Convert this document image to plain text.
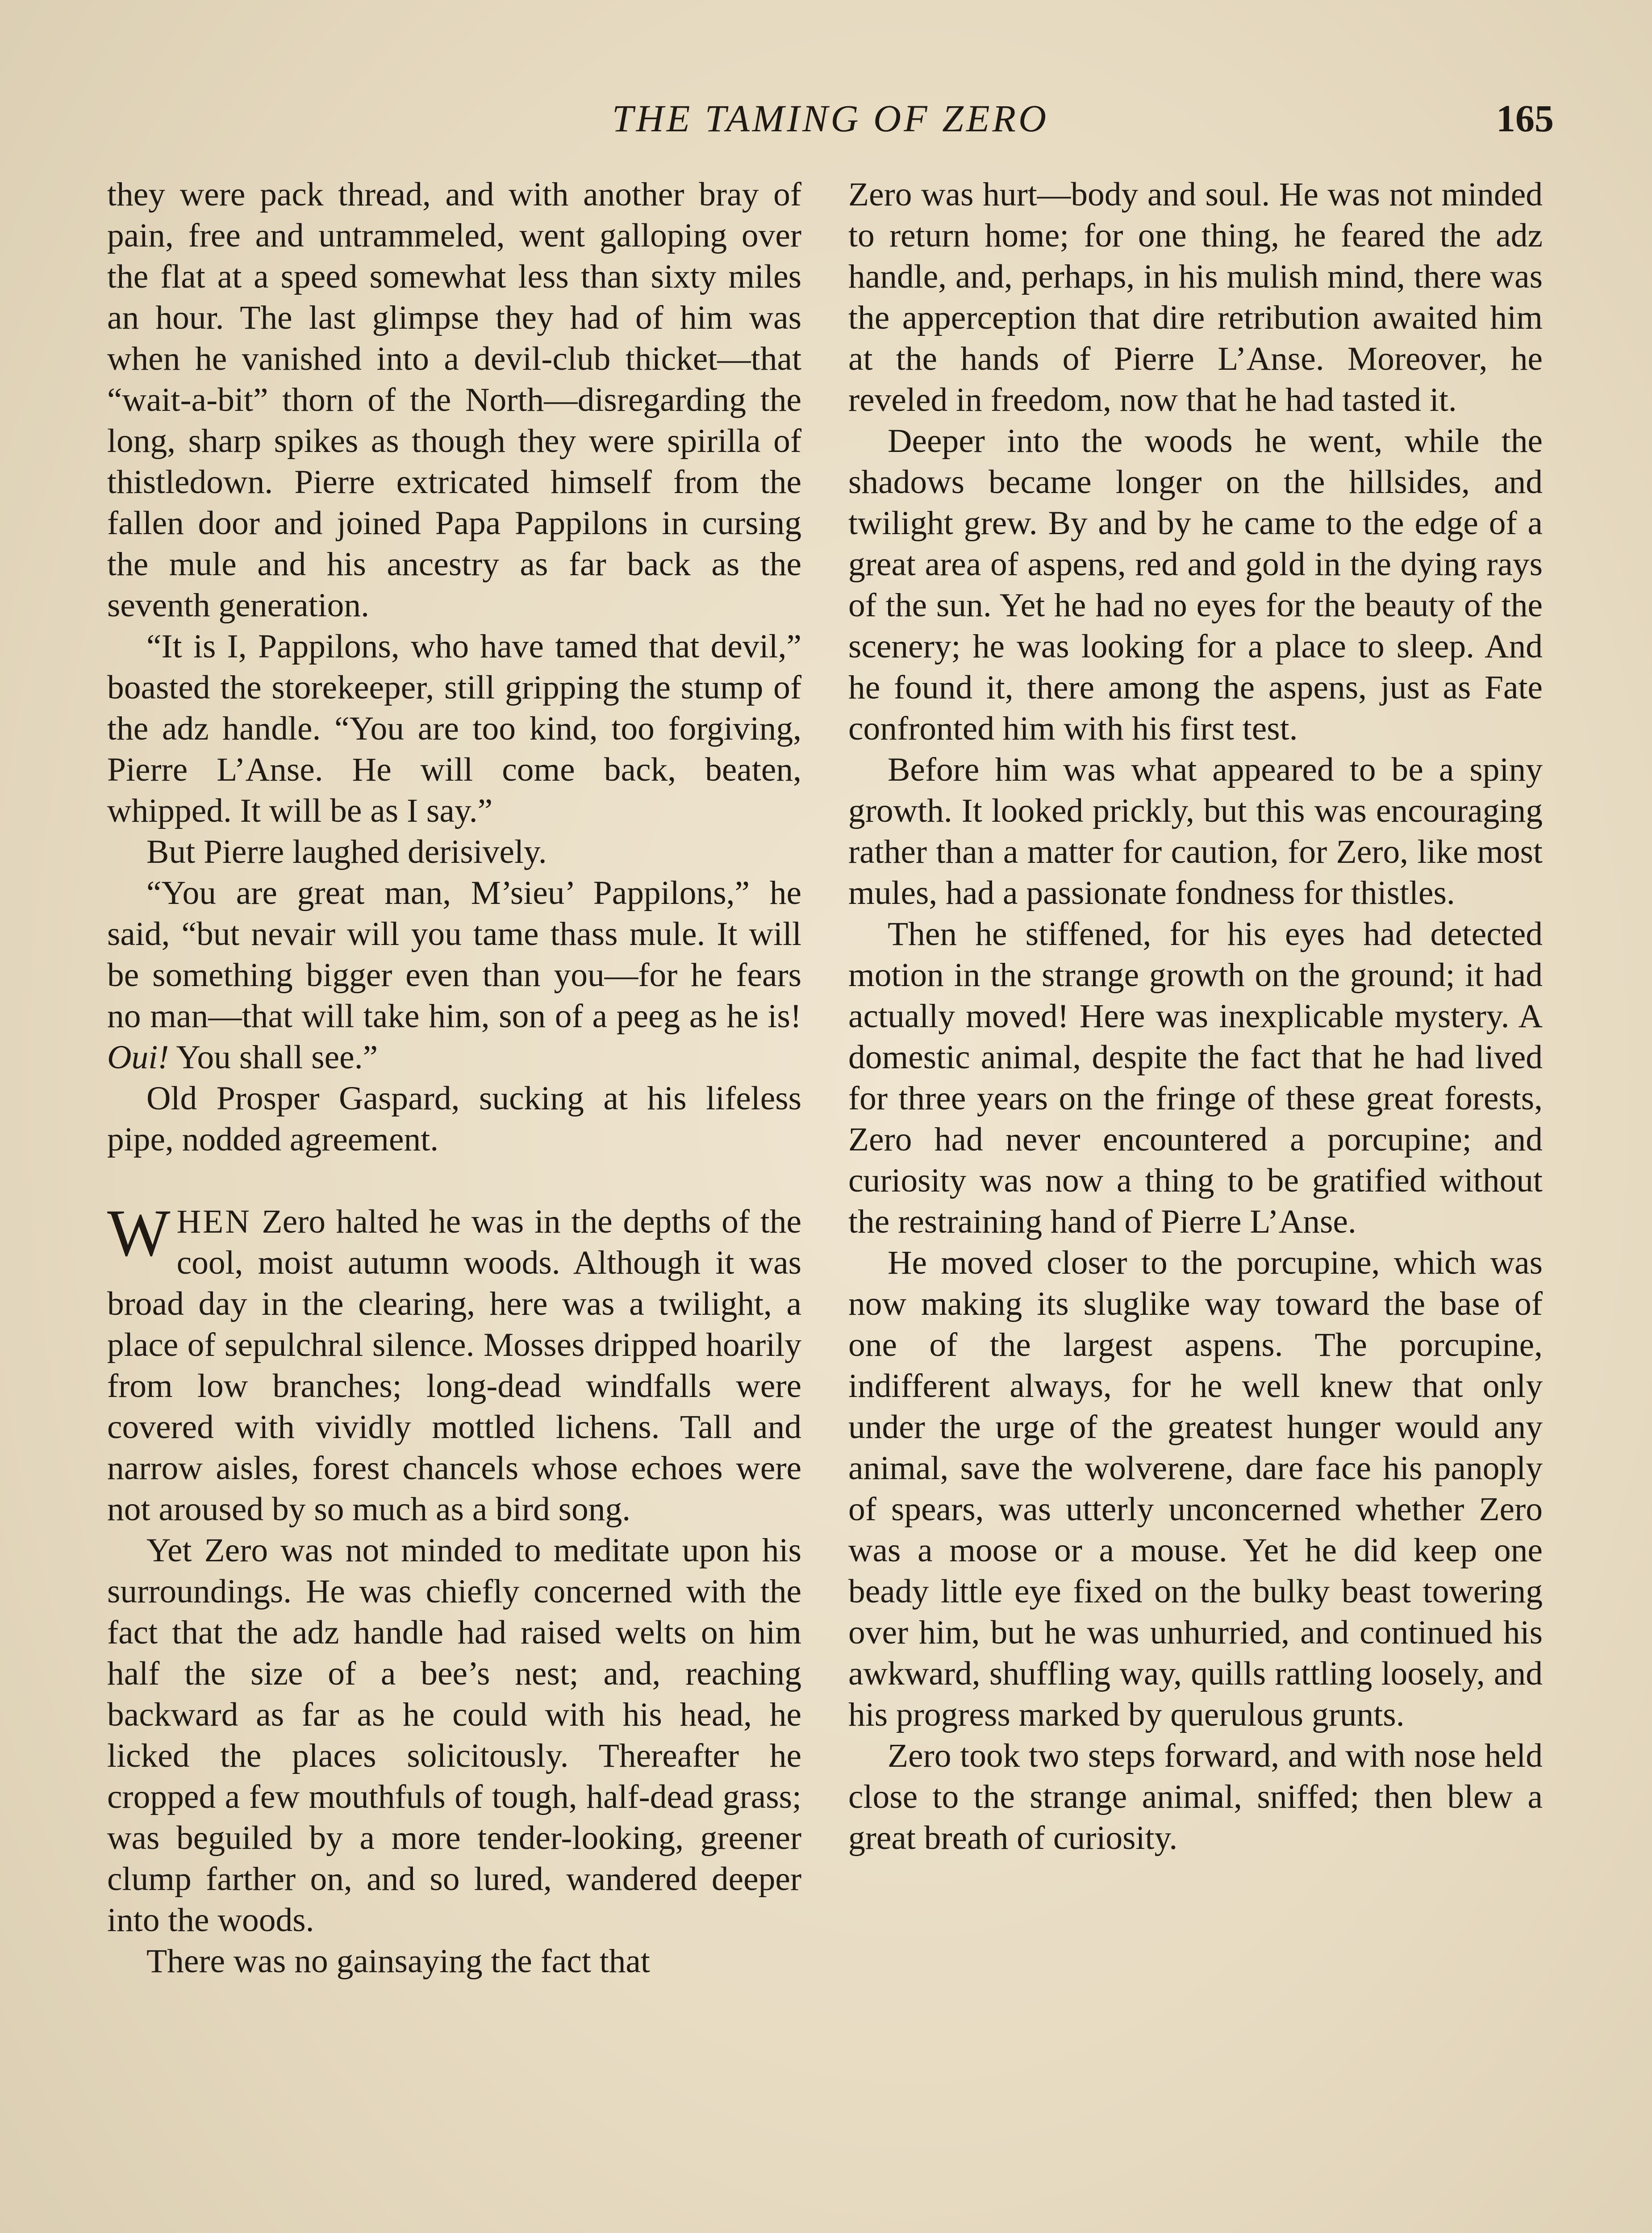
THE TAMING OF ZERO	165

they were pack thread, and with another bray of pain, free and untrammeled, went galloping over the flat at a speed somewhat less than sixty miles an hour. The last glimpse they had of him was when he vanished into a devil-club thicket—that “wait-a-bit” thorn of the North—disregarding the long, sharp spikes as though they were spirilla of thistledown. Pierre extricated himself from the fallen door and joined Papa Pappilons in cursing the mule and his ancestry as far back as the seventh generation.

“It is I, Pappilons, who have tamed that devil,” boasted the storekeeper, still gripping the stump of the adz handle. “You are too kind, too forgiving, Pierre L’Anse. He will come back, beaten, whipped. It will be as I say.”

But Pierre laughed derisively.

“You are great man, M’sieu’ Pappilons,” he said, “but nevair will you tame thass mule. It will be something bigger even than you—for he fears no man—that will take him, son of a peeg as he is! Oui! You shall see.”

Old Prosper Gaspard, sucking at his lifeless pipe, nodded agreement.

WHEN Zero halted he was in the depths of the cool, moist autumn woods. Although it was broad day in the clearing, here was a twilight, a place of sepulchral silence. Mosses dripped hoarily from low branches; long-dead windfalls were covered with vividly mottled lichens. Tall and narrow aisles, forest chancels whose echoes were not aroused by so much as a bird song.

Yet Zero was not minded to meditate upon his surroundings. He was chiefly concerned with the fact that the adz handle had raised welts on him half the size of a bee’s nest; and, reaching backward as far as he could with his head, he licked the places solicitously. Thereafter he cropped a few mouthfuls of tough, half-dead grass; was beguiled by a more tender-looking, greener clump farther on, and so lured, wandered deeper into the woods.

There was no gainsaying the fact that

Zero was hurt—body and soul. He was not minded to return home; for one thing, he feared the adz handle, and, perhaps, in his mulish mind, there was the apperception that dire retribution awaited him at the hands of Pierre L’Anse. Moreover, he reveled in freedom, now that he had tasted it.

Deeper into the woods he went, while the shadows became longer on the hillsides, and twilight grew. By and by he came to the edge of a great area of aspens, red and gold in the dying rays of the sun. Yet he had no eyes for the beauty of the scenery; he was looking for a place to sleep. And he found it, there among the aspens, just as Fate confronted him with his first test.

Before him was what appeared to be a spiny growth. It looked prickly, but this was encouraging rather than a matter for caution, for Zero, like most mules, had a passionate fondness for thistles.

Then he stiffened, for his eyes had detected motion in the strange growth on the ground; it had actually moved! Here was inexplicable mystery. A domestic animal, despite the fact that he had lived for three years on the fringe of these great forests, Zero had never encountered a porcupine; and curiosity was now a thing to be gratified without the restraining hand of Pierre L’Anse.

He moved closer to the porcupine, which was now making its sluglike way toward the base of one of the largest aspens. The porcupine, indifferent always, for he well knew that only under the urge of the greatest hunger would any animal, save the wolverene, dare face his panoply of spears, was utterly unconcerned whether Zero was a moose or a mouse. Yet he did keep one beady little eye fixed on the bulky beast towering over him, but he was unhurried, and continued his awkward, shuffling way, quills rattling loosely, and his progress marked by querulous grunts.

Zero took two steps forward, and with nose held close to the strange animal, sniffed; then blew a great breath of curiosity.
